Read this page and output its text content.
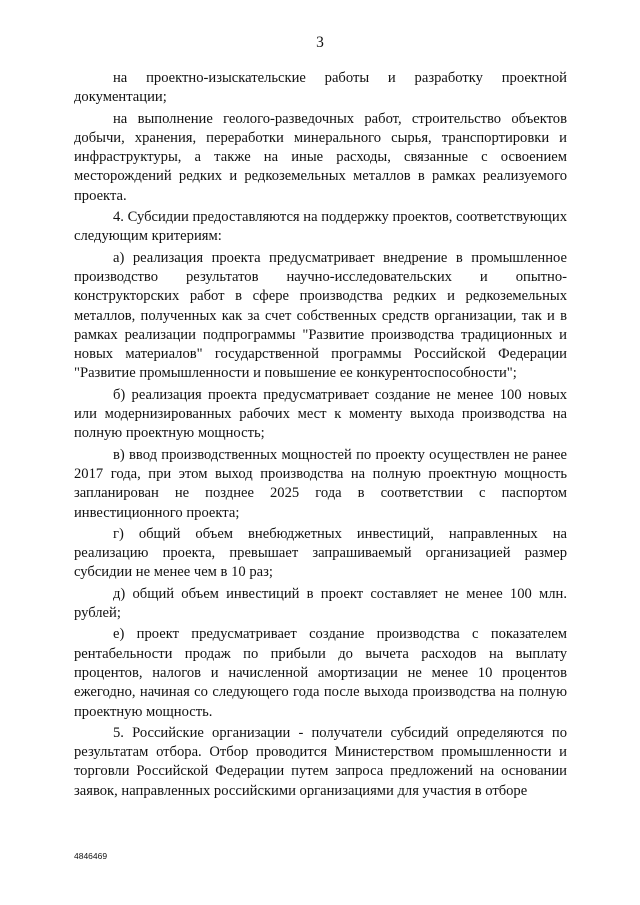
3

на проектно-изыскательские работы и разработку проектной документации;

на выполнение геолого-разведочных работ, строительство объектов добычи, хранения, переработки минерального сырья, транспортировки и инфраструктуры, а также на иные расходы, связанные с освоением месторождений редких и редкоземельных металлов в рамках реализуемого проекта.

4. Субсидии предоставляются на поддержку проектов, соответствующих следующим критериям:

а) реализация проекта предусматривает внедрение в промышленное производство результатов научно-исследовательских и опытно-конструкторских работ в сфере производства редких и редкоземельных металлов, полученных как за счет собственных средств организации, так и в рамках реализации подпрограммы "Развитие производства традиционных и новых материалов" государственной программы Российской Федерации "Развитие промышленности и повышение ее конкурентоспособности";

б) реализация проекта предусматривает создание не менее 100 новых или модернизированных рабочих мест к моменту выхода производства на полную проектную мощность;

в) ввод производственных мощностей по проекту осуществлен не ранее 2017 года, при этом выход производства на полную проектную мощность запланирован не позднее 2025 года в соответствии с паспортом инвестиционного проекта;

г) общий объем внебюджетных инвестиций, направленных на реализацию проекта, превышает запрашиваемый организацией размер субсидии не менее чем в 10 раз;

д) общий объем инвестиций в проект составляет не менее 100 млн. рублей;

е) проект предусматривает создание производства с показателем рентабельности продаж по прибыли до вычета расходов на выплату процентов, налогов и начисленной амортизации не менее 10 процентов ежегодно, начиная со следующего года после выхода производства на полную проектную мощность.

5. Российские организации - получатели субсидий определяются по результатам отбора. Отбор проводится Министерством промышленности и торговли Российской Федерации путем запроса предложений на основании заявок, направленных российскими организациями для участия в отборе

4846469
